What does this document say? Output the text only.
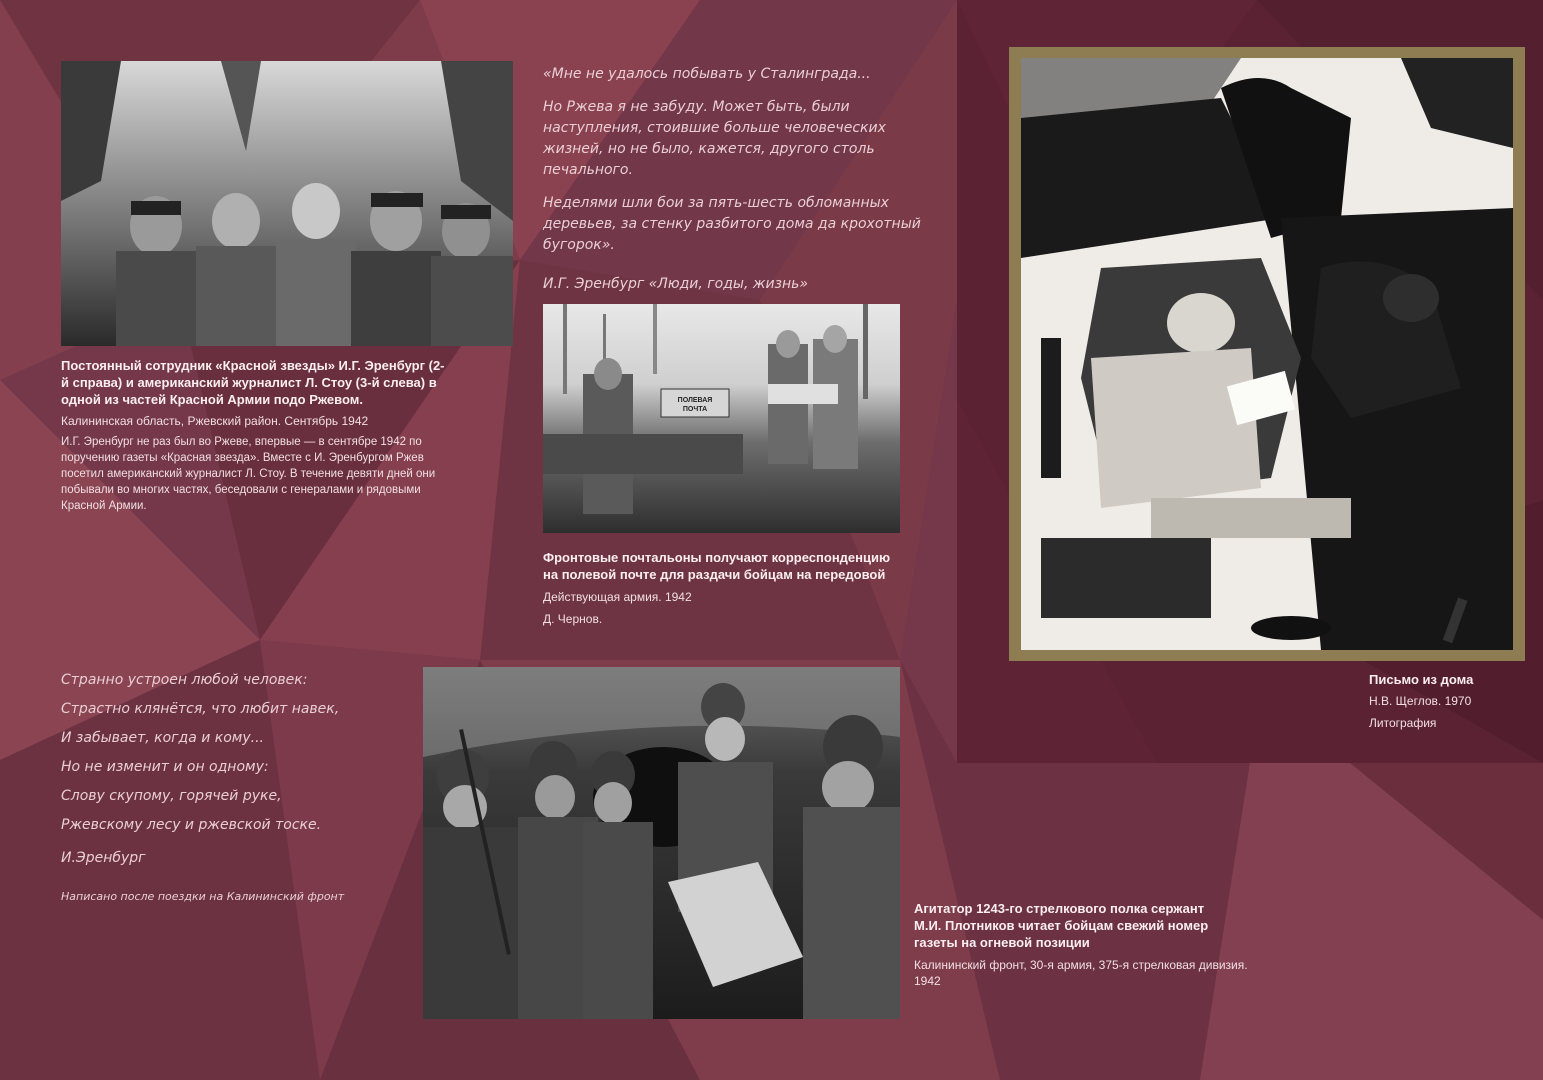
Постоянный сотрудник «Красной звезды» И.Г. Эренбург (2-й справа) и американский журналист Л. Стоу (3-й слева) в одной из частей Красной Армии подо Ржевом.
Калининская область, Ржевский район. Сентябрь 1942
И.Г. Эренбург не раз был во Ржеве, впервые — в сентябре 1942 по поручению газеты «Красная звезда». Вместе с И. Эренбургом Ржев посетил американский журналист Л. Стоу. В течение девяти дней они побывали во многих частях, беседовали с генералами и рядовыми Красной Армии.

«Мне не удалось побывать у Сталинграда...

Но Ржева я не забуду. Может быть, были наступления, стоившие больше человеческих жизней, но не было, кажется, другого столь печального.

Неделями шли бои за пять-шесть обломанных деревьев, за стенку разбитого дома да крохотный бугорок».

И.Г. Эренбург «Люди, годы, жизнь»

ПОЛЕВАЯ ПОЧТА
Фронтовые почтальоны получают корреспонденцию на полевой почте для раздачи бойцам на передовой
Действующая армия. 1942
Д. Чернов.
Письмо из дома
Н.В. Щеглов. 1970
Литография
Странно устроен любой человек:
Страстно клянётся, что любит навек,
И забывает, когда и кому...
Но не изменит и он одному:
Слову скупому, горячей руке,
Ржевскому лесу и ржевской тоске.
И.Эренбург
Написано после поездки на Калининский фронт
Агитатор 1243-го стрелкового полка сержант М.И. Плотников читает бойцам свежий номер газеты на огневой позиции
Калининский фронт, 30-я армия, 375-я стрелковая дивизия. 1942
